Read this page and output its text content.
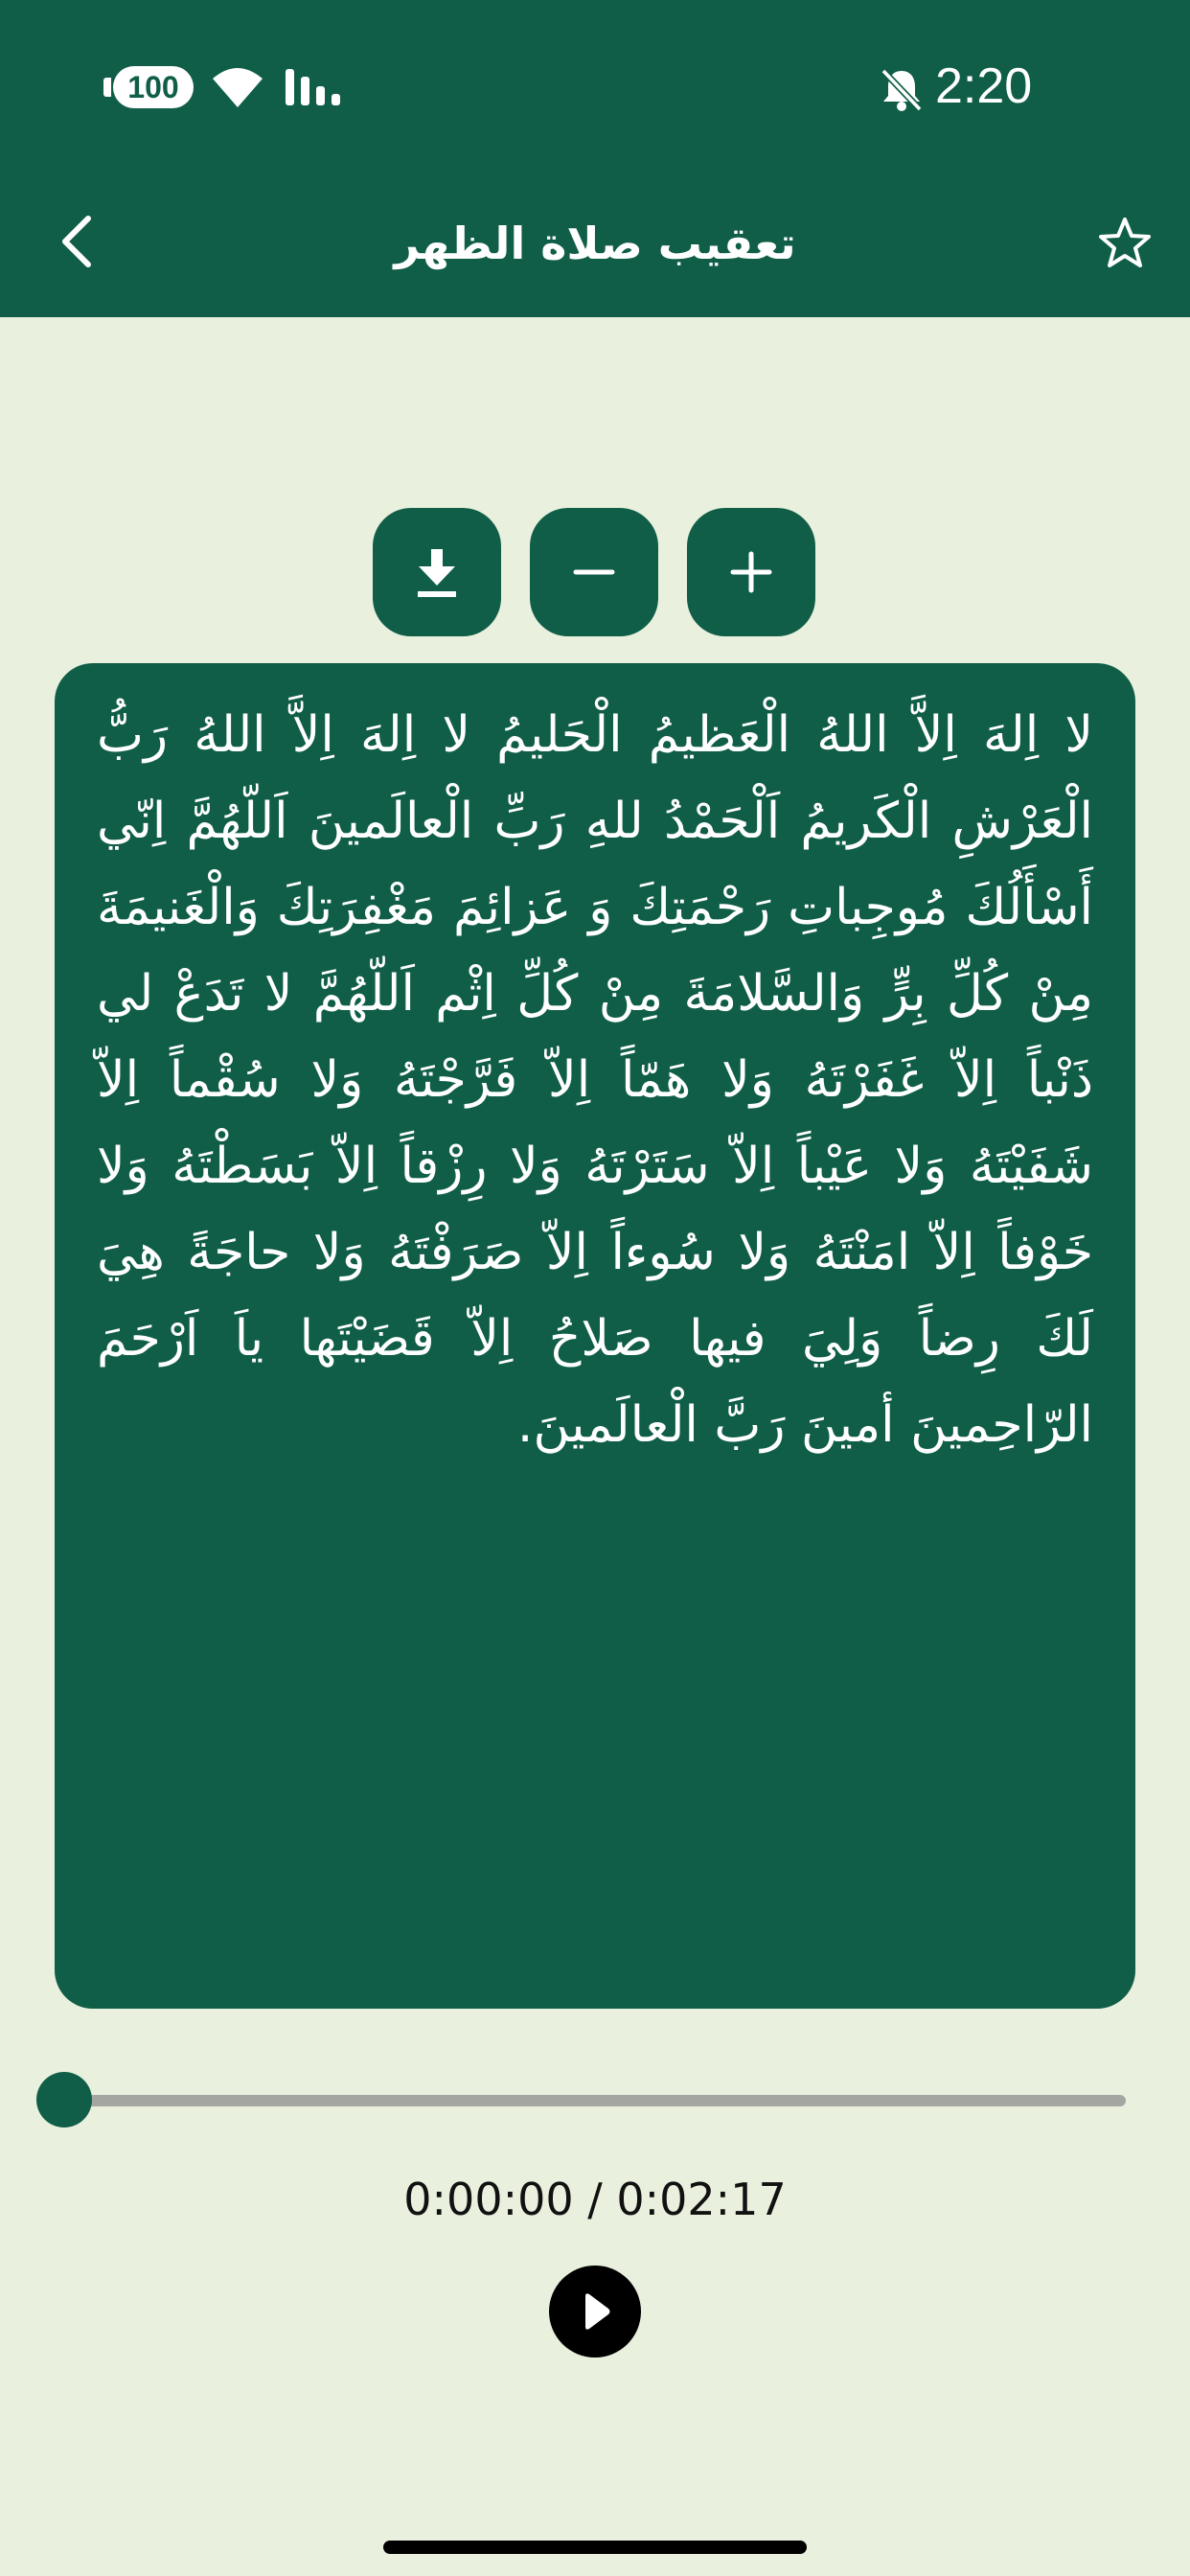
100	2:20
تعقيب صلاة الظهر

لا اِلهَ اِلاَّ اللهُ الْعَظيمُ الْحَليمُ لا اِلهَ اِلاَّ اللهُ رَبُّ الْعَرْشِ الْكَريمُ اَلْحَمْدُ للهِ رَبِّ الْعالَمينَ اَللّهُمَّ اِنّي أَسْأَلُكَ مُوجِباتِ رَحْمَتِكَ وَ عَزائِمَ مَغْفِرَتِكَ وَالْغَنيمَةَ مِنْ كُلِّ بِرٍّ وَالسَّلامَةَ مِنْ كُلِّ اِثْم اَللّهُمَّ لا تَدَعْ لي ذَنْباً اِلاّ غَفَرْتَهُ وَلا هَمّاً اِلاّ فَرَّجْتَهُ وَلا سُقْماً اِلاّ شَفَيْتَهُ وَلا عَيْباً اِلاّ سَتَرْتَهُ وَلا رِزْقاً اِلاّ بَسَطْتَهُ وَلا خَوْفاً اِلاّ امَنْتَهُ وَلا سُوءاً اِلاّ صَرَفْتَهُ وَلا حاجَةً هِيَ لَكَ رِضاً وَلِيَ فيها صَلاحُ اِلاّ قَضَيْتَها ياَ اَرْحَمَ الرّاحِمينَ أمينَ رَبَّ الْعالَمينَ.

0:00:00 / 0:02:17
